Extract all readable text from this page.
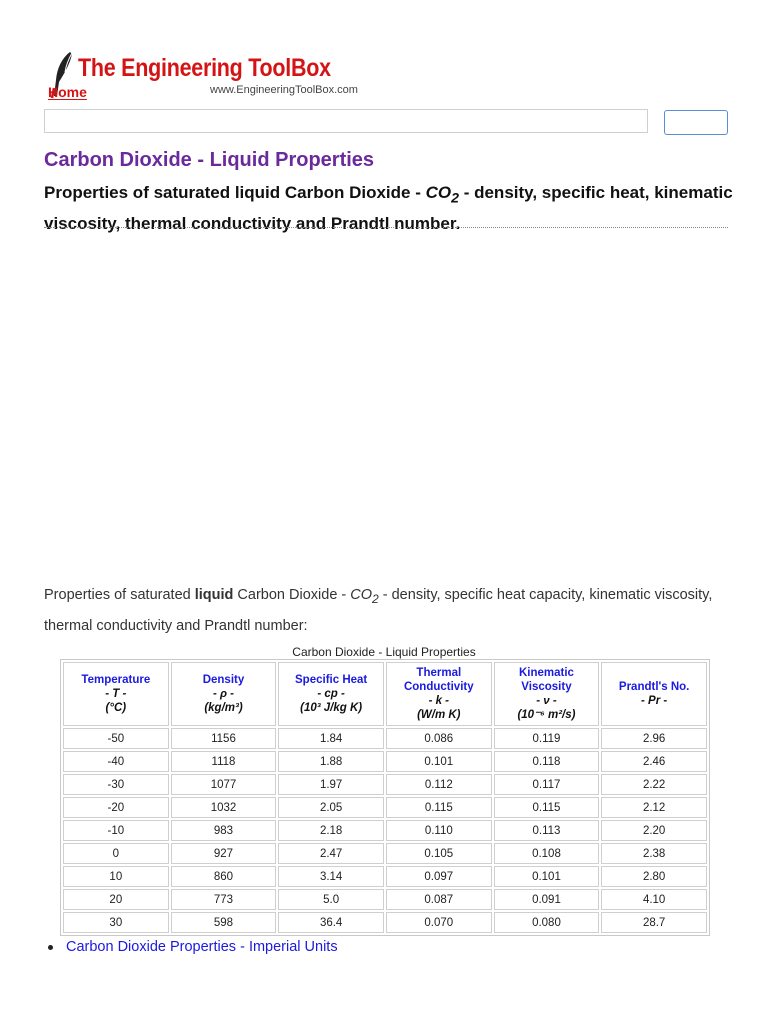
The Engineering ToolBox
Home	www.EngineeringToolBox.com
Carbon Dioxide - Liquid Properties
Properties of saturated liquid Carbon Dioxide - $CO_2$ - density, specific heat, kinematic viscosity, thermal conductivity and Prandtl number.
Properties of saturated liquid Carbon Dioxide - $CO_2$ - density, specific heat capacity, kinematic viscosity, thermal conductivity and Prandtl number:
Carbon Dioxide - Liquid Properties
Temperature
- T -
(°C)	Density
- ρ -
(kg/m³)	Specific Heat
- cp -
(10³ J/kg K)	Thermal Conductivity
- k -
(W/m K)	Kinematic Viscosity
- ν -
(10⁻⁶ m²/s)	Prandtl's No.
- Pr -

-50	1156	1.84	0.086	0.119	2.96
-40	1118	1.88	0.101	0.118	2.46
-30	1077	1.97	0.112	0.117	2.22
-20	1032	2.05	0.115	0.115	2.12
-10	983	2.18	0.110	0.113	2.20
0	927	2.47	0.105	0.108	2.38
10	860	3.14	0.097	0.101	2.80
20	773	5.0	0.087	0.091	4.10
30	598	36.4	0.070	0.080	28.7
Carbon Dioxide Properties - Imperial Units
